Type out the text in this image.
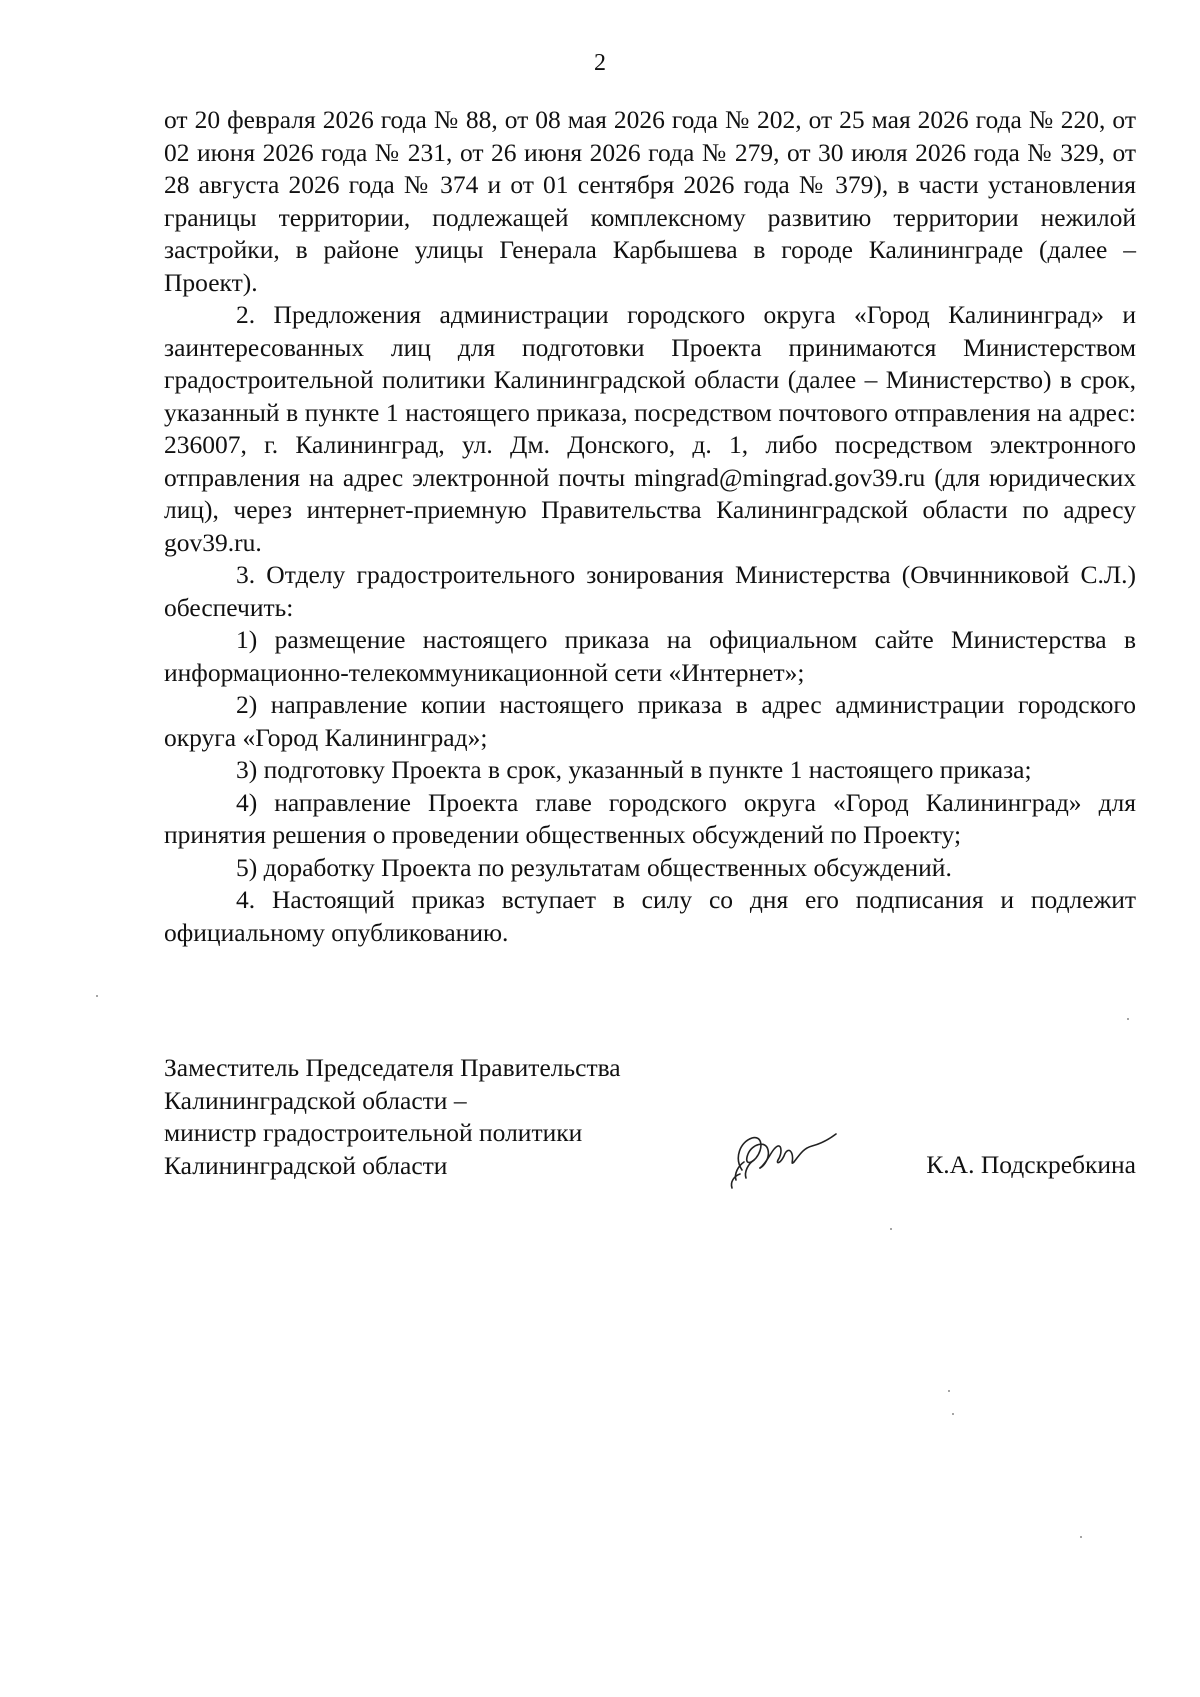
2

от 20 февраля 2026 года № 88, от 08 мая 2026 года № 202, от 25 мая 2026 года № 220, от 02 июня 2026 года № 231, от 26 июня 2026 года № 279, от 30 июля 2026 года № 329, от 28 августа 2026 года № 374 и от 01 сентября 2026 года № 379), в части установления границы территории, подлежащей комплексному развитию территории нежилой застройки, в районе улицы Генерала Карбышева в городе Калининграде (далее – Проект).

2. Предложения администрации городского округа «Город Калининград» и заинтересованных лиц для подготовки Проекта принимаются Министерством градостроительной политики Калининградской области (далее – Министерство) в срок, указанный в пункте 1 настоящего приказа, посредством почтового отправления на адрес: 236007, г. Калининград, ул. Дм. Донского, д. 1, либо посредством электронного отправления на адрес электронной почты mingrad@mingrad.gov39.ru (для юридических лиц), через интернет-приемную Правительства Калининградской области по адресу gov39.ru.

3. Отделу градостроительного зонирования Министерства (Овчинниковой С.Л.) обеспечить:

1) размещение настоящего приказа на официальном сайте Министерства в информационно-телекоммуникационной сети «Интернет»;

2) направление копии настоящего приказа в адрес администрации городского округа «Город Калининград»;

3) подготовку Проекта в срок, указанный в пункте 1 настоящего приказа;

4) направление Проекта главе городского округа «Город Калининград» для принятия решения о проведении общественных обсуждений по Проекту;

5) доработку Проекта по результатам общественных обсуждений.

4. Настоящий приказ вступает в силу со дня его подписания и подлежит официальному опубликованию.

Заместитель Председателя Правительства
Калининградской области –
министр градостроительной политики
Калининградской области	К.А. Подскребкина
